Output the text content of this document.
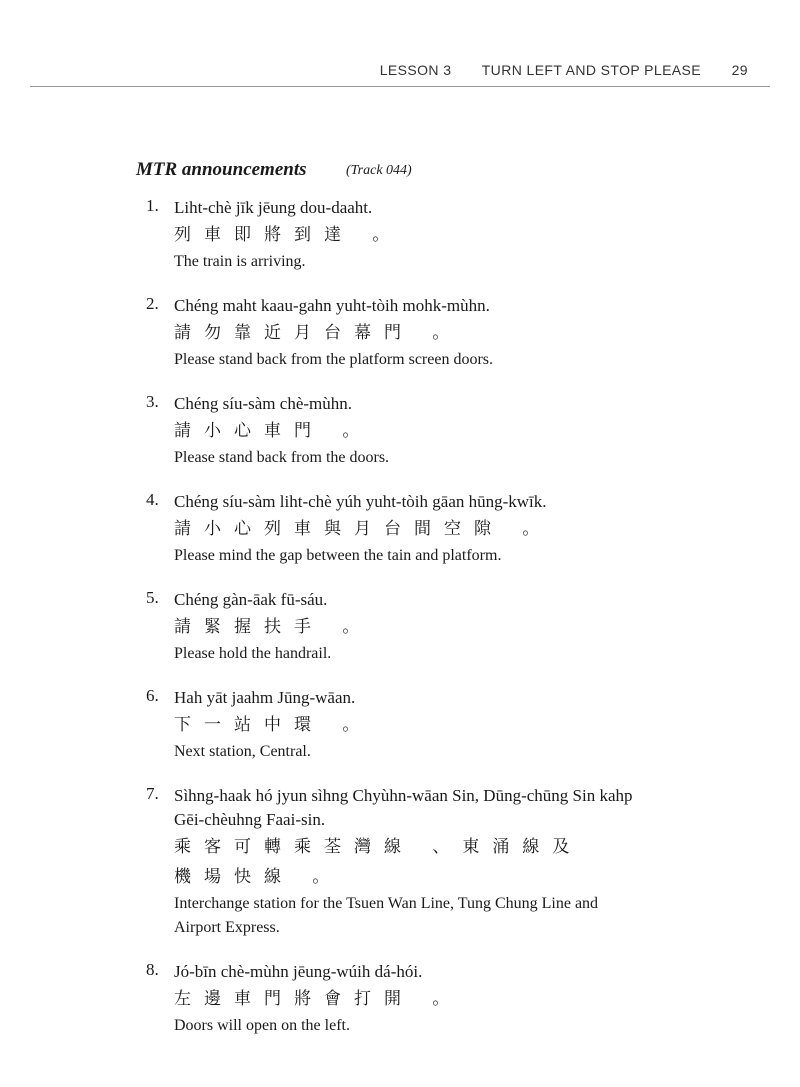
LESSON 3 TURN LEFT AND STOP PLEASE 29
MTR announcements	(Track 044)
1. Liht-chè jīk jēung dou-daaht.
列車即將到達 。
The train is arriving.
2. Chéng maht kaau-gahn yuht-tòih mohk-mùhn.
請勿靠近月台幕門 。
Please stand back from the platform screen doors.
3. Chéng síu-sàm chè-mùhn.
請小心車門 。
Please stand back from the doors.
4. Chéng síu-sàm liht-chè yúh yuht-tòih gāan hūng-kwīk.
請小心列車與月台間空隙 。
Please mind the gap between the tain and platform.
5. Chéng gàn-āak fū-sáu.
請緊握扶手 。
Please hold the handrail.
6. Hah yāt jaahm Jūng-wāan.
下一站中環 。
Next station, Central.
7. Sìhng-haak hó jyun sìhng Chyùhn-wāan Sin, Dūng-chūng Sin kahp
Gēi-chèuhng Faai-sin.
乘客可轉乘荃灣線 、東涌線及
機場快線 。
Interchange station for the Tsuen Wan Line, Tung Chung Line and
Airport Express.
8. Jó-bīn chè-mùhn jēung-wúih dá-hói.
左邊車門將會打開 。
Doors will open on the left.
